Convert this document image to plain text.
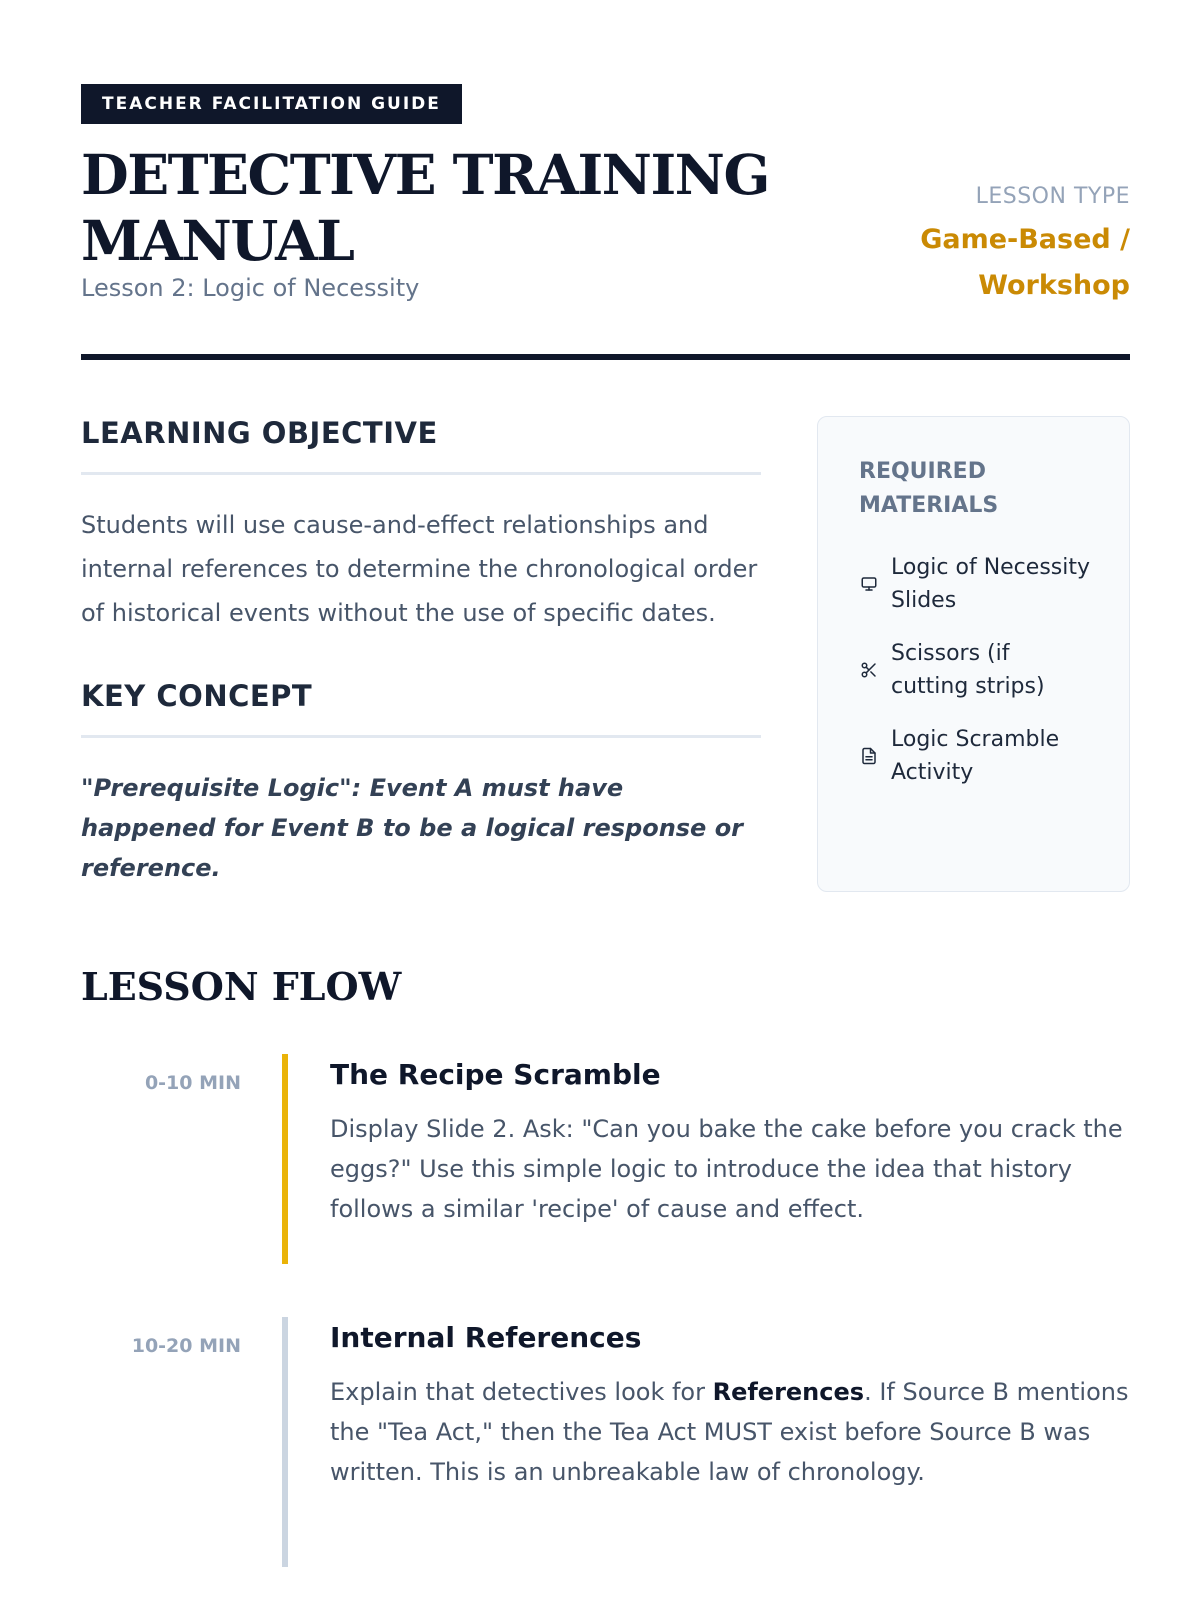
TEACHER FACILITATION GUIDE
DETECTIVE TRAINING MANUAL
Lesson 2: Logic of Necessity
LESSON TYPE
Game-Based / Workshop
LEARNING OBJECTIVE

Students will use cause-and-effect relationships and internal references to determine the chronological order of historical events without the use of specific dates.

KEY CONCEPT

"Prerequisite Logic": Event A must have happened for Event B to be a logical response or reference.

REQUIRED MATERIALS
Logic of Necessity Slides
Scissors (if cutting strips)
Logic Scramble Activity
LESSON FLOW
0-10 MIN	The Recipe Scramble

Display Slide 2. Ask: "Can you bake the cake before you crack the eggs?" Use this simple logic to introduce the idea that history follows a similar 'recipe' of cause and effect.

10-20 MIN	Internal References

Explain that detectives look for References. If Source B mentions the "Tea Act," then the Tea Act MUST exist before Source B was written. This is an unbreakable law of chronology.
